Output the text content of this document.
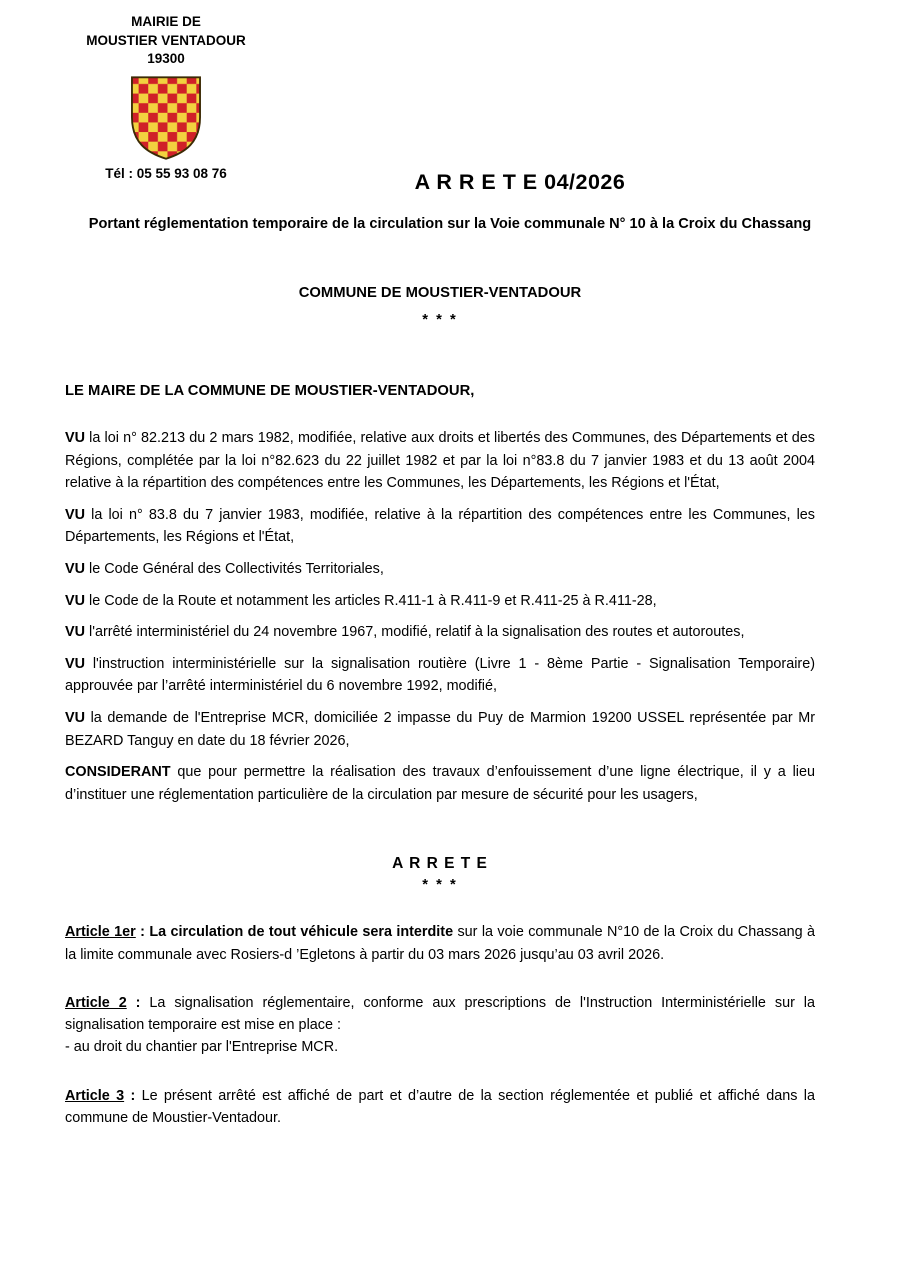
MAIRIE DE
MOUSTIER VENTADOUR
19300
Tél : 05 55 93 08 76	A R R E T E 04/2026
Portant réglementation temporaire de la circulation sur la Voie communale N° 10 à la Croix du Chassang
COMMUNE DE MOUSTIER-VENTADOUR
* * *

LE MAIRE DE LA COMMUNE DE MOUSTIER-VENTADOUR,

VU la loi n° 82.213 du 2 mars 1982, modifiée, relative aux droits et libertés des Communes, des Départements et des Régions, complétée par la loi n°82.623 du 22 juillet 1982 et par la loi n°83.8 du 7 janvier 1983 et du 13 août 2004 relative à la répartition des compétences entre les Communes, les Départements, les Régions et l'État,

VU la loi n° 83.8 du 7 janvier 1983, modifiée, relative à la répartition des compétences entre les Communes, les Départements, les Régions et l'État,

VU le Code Général des Collectivités Territoriales,

VU le Code de la Route et notamment les articles R.411-1 à R.411-9 et R.411-25 à R.411-28,

VU l'arrêté interministériel du 24 novembre 1967, modifié, relatif à la signalisation des routes et autoroutes,

VU l'instruction interministérielle sur la signalisation routière (Livre 1 - 8ème Partie - Signalisation Temporaire) approuvée par l’arrêté interministériel du 6 novembre 1992, modifié,

VU la demande de l'Entreprise MCR, domiciliée 2 impasse du Puy de Marmion 19200 USSEL représentée par Mr BEZARD Tanguy en date du 18 février 2026,

CONSIDERANT que pour permettre la réalisation des travaux d’enfouissement d’une ligne électrique, il y a lieu d’instituer une réglementation particulière de la circulation par mesure de sécurité pour les usagers,

A R R E T E
* * *

Article 1er : La circulation de tout véhicule sera interdite sur la voie communale N°10 de la Croix du Chassang à la limite communale avec Rosiers-d ’Egletons à partir du 03 mars 2026 jusqu’au 03 avril 2026.

Article 2 : La signalisation réglementaire, conforme aux prescriptions de l'Instruction Interministérielle sur la signalisation temporaire est mise en place :

- au droit du chantier par l'Entreprise MCR.

Article 3 : Le présent arrêté est affiché de part et d’autre de la section réglementée et publié et affiché dans la commune de Moustier-Ventadour.
